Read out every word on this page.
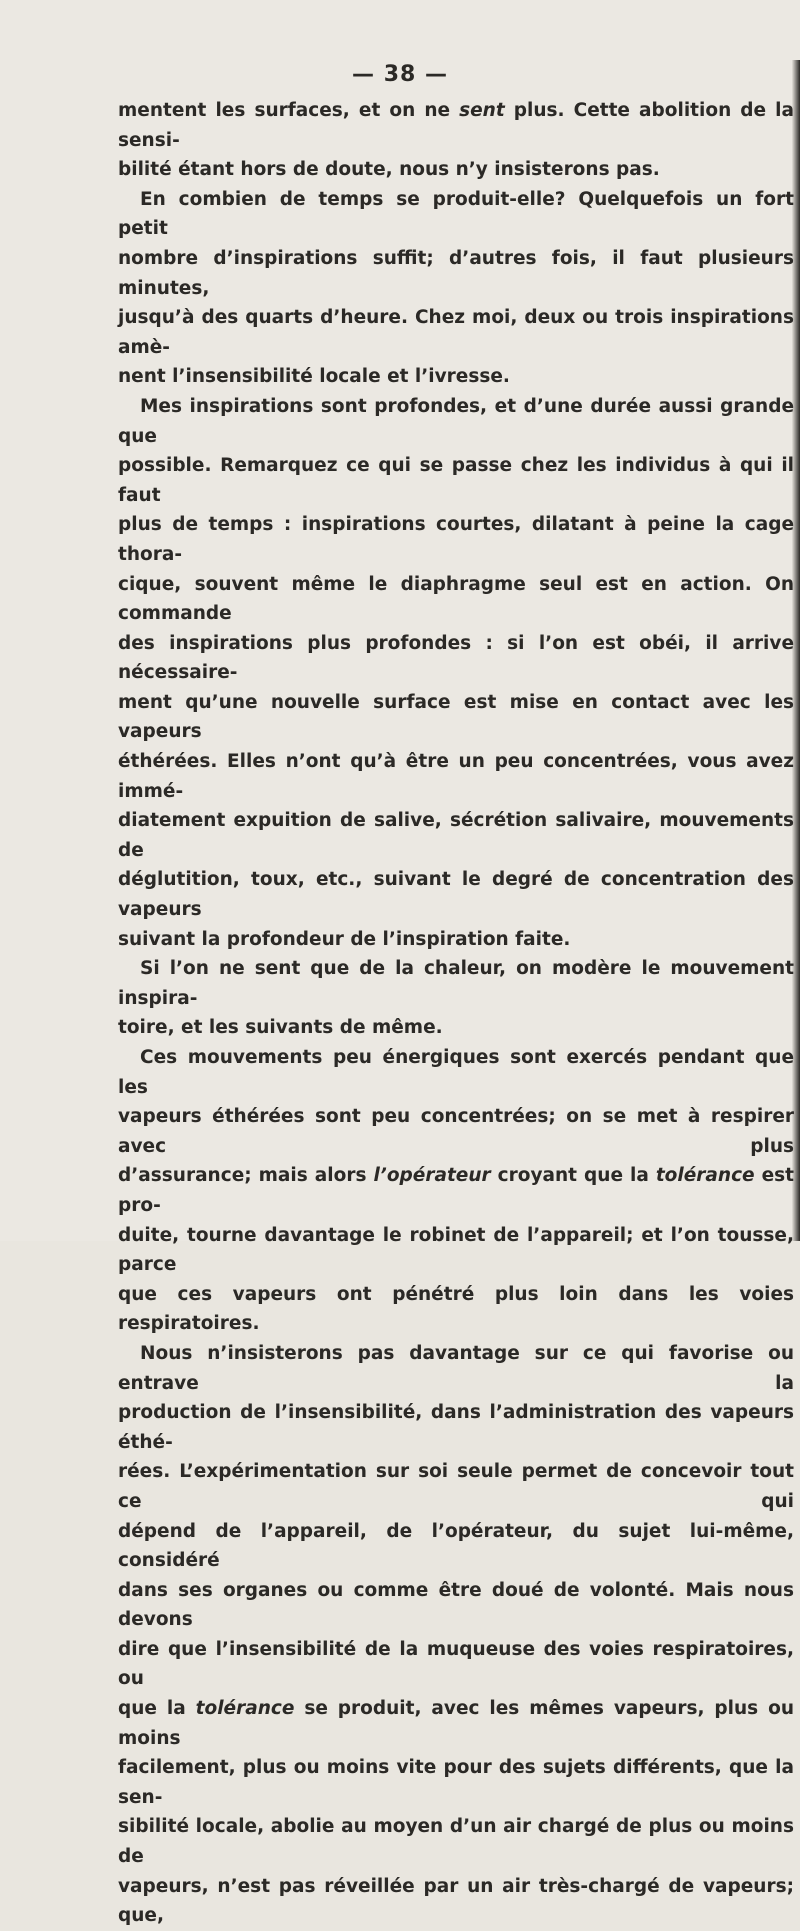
— 38 —

mentent les surfaces, et on ne sent plus. Cette abolition de la sensi-

bilité étant hors de doute, nous n’y insisterons pas.

En combien de temps se produit-elle? Quelquefois un fort petit

nombre d’inspirations suffit; d’autres fois, il faut plusieurs minutes,

jusqu’à des quarts d’heure. Chez moi, deux ou trois inspirations amè-

nent l’insensibilité locale et l’ivresse.

Mes inspirations sont profondes, et d’une durée aussi grande que

possible. Remarquez ce qui se passe chez les individus à qui il faut

plus de temps : inspirations courtes, dilatant à peine la cage thora-

cique, souvent même le diaphragme seul est en action. On commande

des inspirations plus profondes : si l’on est obéi, il arrive nécessaire-

ment qu’une nouvelle surface est mise en contact avec les vapeurs

éthérées. Elles n’ont qu’à être un peu concentrées, vous avez immé-

diatement expuition de salive, sécrétion salivaire, mouvements de

déglutition, toux, etc., suivant le degré de concentration des vapeurs

suivant la profondeur de l’inspiration faite.

Si l’on ne sent que de la chaleur, on modère le mouvement inspira-

toire, et les suivants de même.

Ces mouvements peu énergiques sont exercés pendant que les

vapeurs éthérées sont peu concentrées; on se met à respirer avec plus

d’assurance; mais alors l’opérateur croyant que la tolérance est pro-

duite, tourne davantage le robinet de l’appareil; et l’on tousse, parce

que ces vapeurs ont pénétré plus loin dans les voies respiratoires.

Nous n’insisterons pas davantage sur ce qui favorise ou entrave la

production de l’insensibilité, dans l’administration des vapeurs éthé-

rées. L’expérimentation sur soi seule permet de concevoir tout ce qui

dépend de l’appareil, de l’opérateur, du sujet lui-même, considéré

dans ses organes ou comme être doué de volonté. Mais nous devons

dire que l’insensibilité de la muqueuse des voies respiratoires, ou

que la tolérance se produit, avec les mêmes vapeurs, plus ou moins

facilement, plus ou moins vite pour des sujets différents, que la sen-

sibilité locale, abolie au moyen d’un air chargé de plus ou moins de

vapeurs, n’est pas réveillée par un air très-chargé de vapeurs; que,
